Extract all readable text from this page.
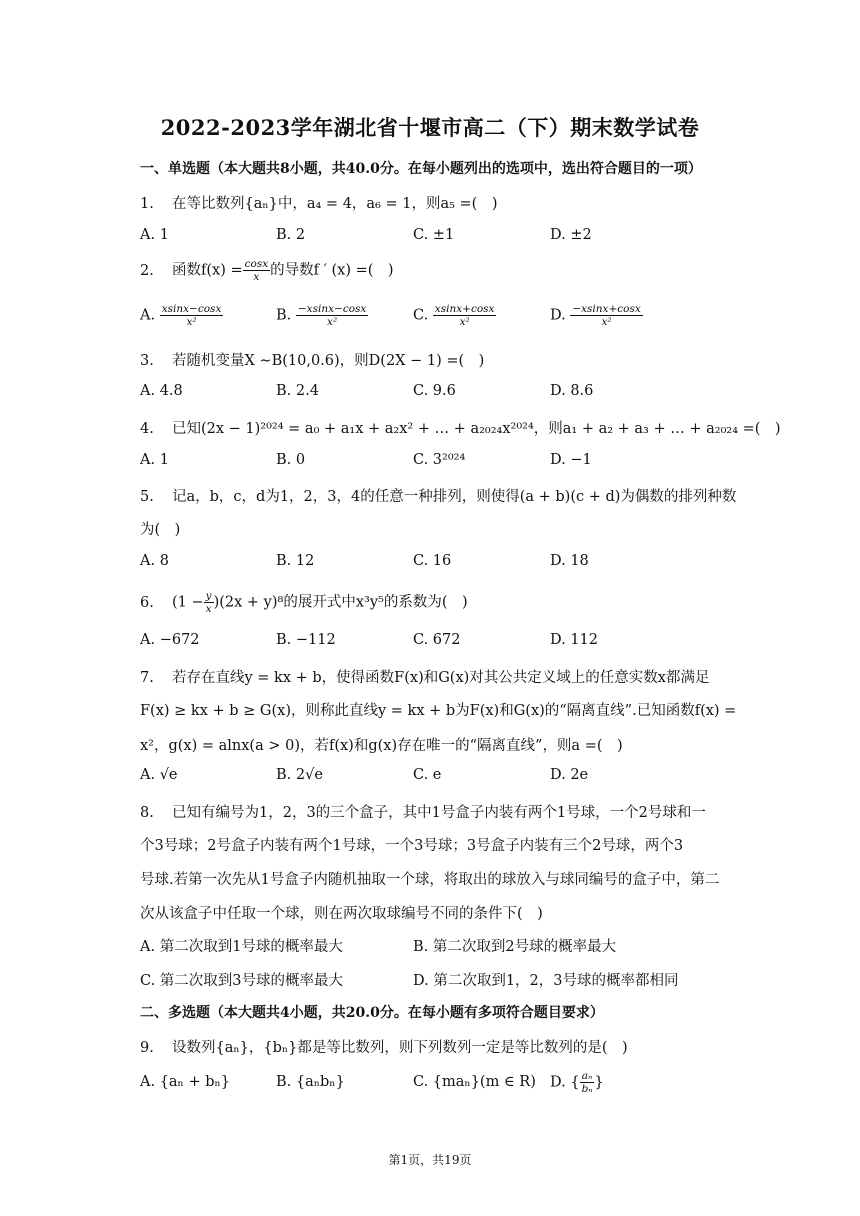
2022-2023学年湖北省十堰市高二（下）期末数学试卷
一、单选题（本大题共8小题，共40.0分。在每小题列出的选项中，选出符合题目的一项）
1. 在等比数列{aₙ}中，a₄ = 4，a₆ = 1，则a₅ =(　)
A. 1	B. 2	C. ±1	D. ±2
2. 函数$f(x) = \frac{\cos x}{x}$ 的导数f ′ (x) =(　)
A. $\frac{xsinx-\cos x}{\text{x²}}$	B. $\frac{-xsinx-\cos x}{\text{x²}}$	C. $\frac{xsinx+\cos x}{\text{x²}}$	D. $\frac{-xsinx+\cos x}{\text{x²}}$
3. 若随机变量X ∼B(10,0.6)，则D(2X − 1) =(　)
A. 4.8	B. 2.4	C. 9.6	D. 8.6
4. 已知(2x − 1)²⁰²⁴ = a₀ + a₁x + a₂x² + … + a₂₀₂₄x²⁰²⁴，则a₁ + a₂ + a₃ + … + a₂₀₂₄ =(　)
A. 1	B. 0	C. 3²⁰²⁴	D. −1
5. 记a，b，c，d为1，2，3，4的任意一种排列，则使得(a + b)(c + d)为偶数的排列种数
为(　)
A. 8	B. 12	C. 16	D. 18
6. $(1 - \frac{y}{x} )(2x + y)^8$的展开式中x³y⁵的系数为(　)
A. −672	B. −112	C. 672	D. 112
7. 若存在直线y = kx + b，使得函数F(x)和G(x)对其公共定义域上的任意实数x都满足
F(x) ≥ kx + b ≥ G(x)，则称此直线y = kx + b为F(x)和G(x)的“隔离直线”.已知函数f(x) =
x²，g(x) = alnx(a > 0)，若f(x)和g(x)存在唯一的“隔离直线”，则a =(　)
A. √e	B. 2√e	C. e	D. 2e
8. 已知有编号为1，2，3的三个盒子，其中1号盒子内装有两个1号球，一个2号球和一
个3号球；2号盒子内装有两个1号球，一个3号球；3号盒子内装有三个2号球，两个3
号球.若第一次先从1号盒子内随机抽取一个球，将取出的球放入与球同编号的盒子中，第二
次从该盒子中任取一个球，则在两次取球编号不同的条件下(　)
A. 第二次取到1号球的概率最大	B. 第二次取到2号球的概率最大
C. 第二次取到3号球的概率最大	D. 第二次取到1，2，3号球的概率都相同
二、多选题（本大题共4小题，共20.0分。在每小题有多项符合题目要求）
9. 设数列{aₙ}，{bₙ}都是等比数列，则下列数列一定是等比数列的是(　)
A. {aₙ + bₙ}	B. {aₙbₙ}	C. {maₙ}(m ∈ R) D. { $\frac{\text{aₙ}}{\text{bₙ}}$ }
第1页，共19页
